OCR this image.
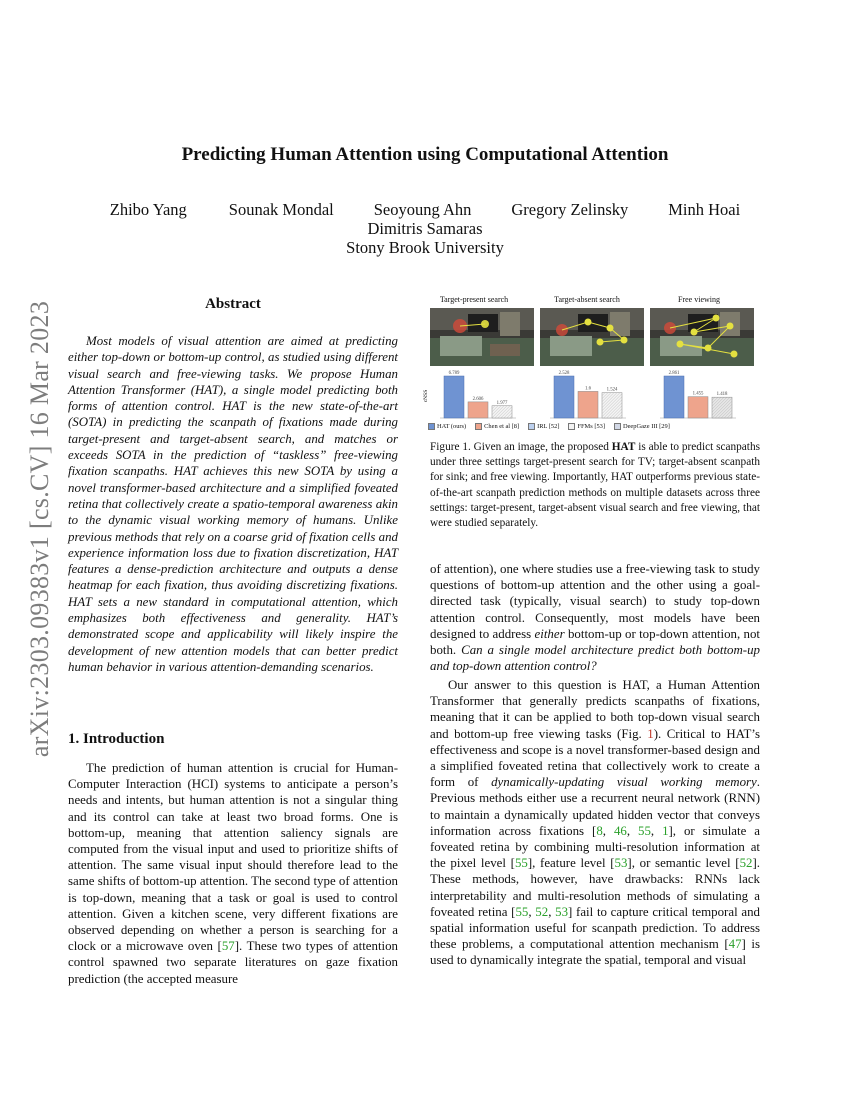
arXiv:2303.09383v1 [cs.CV] 16 Mar 2023
Predicting Human Attention using Computational Attention
Zhibo Yang	Sounak Mondal Seoyoung Ahn Gregory Zelinsky Minh Hoai
Dimitris Samaras
Stony Brook University
Abstract

Most models of visual attention are aimed at predicting either top-down or bottom-up control, as studied using different visual search and free-viewing tasks. We propose Human Attention Transformer (HAT), a single model predicting both forms of attention control. HAT is the new state-of-the-art (SOTA) in predicting the scanpath of fixations made during target-present and target-absent search, and matches or exceeds SOTA in the prediction of “taskless” free-viewing fixation scanpaths. HAT achieves this new SOTA by using a novel transformer-based architecture and a simplified foveated retina that collectively create a spatio-temporal awareness akin to the dynamic visual working memory of humans. Unlike previous methods that rely on a coarse grid of fixation cells and experience information loss due to fixation discretization, HAT features a dense-prediction architecture and outputs a dense heatmap for each fixation, thus avoiding discretizing fixations. HAT sets a new standard in computational attention, which emphasizes both effectiveness and generality. HAT’s demonstrated scope and applicability will likely inspire the development of new attention models that can better predict human behavior in various attention-demanding scenarios.

1. Introduction

The prediction of human attention is crucial for Human-Computer Interaction (HCI) systems to anticipate a person’s needs and intents, but human attention is not a singular thing and its control can take at least two broad forms. One is bottom-up, meaning that attention saliency signals are computed from the visual input and used to prioritize shifts of attention. The same visual input should therefore lead to the same shifts of bottom-up attention. The second type of attention is top-down, meaning that a task or goal is used to control attention. Given a kitchen scene, very different fixations are observed depending on whether a person is searching for a clock or a microwave oven [57]. These two types of attention control spawned two separate literatures on gaze fixation prediction (the accepted measure

Target-present search	Target-absent search	Free viewing
cNSS
6.789
2.606
1.977
2.528
1.6	1.524
2.861
1.455	1.418
HAT (ours)	Chen et al [8]	IRL [52]	FFMs [53]	DeepGaze III [29]

Figure 1. Given an image, the proposed HAT is able to predict scanpaths under three settings target-present search for TV; target-absent scanpath for sink; and free viewing. Importantly, HAT outperforms previous state-of-the-art scanpath prediction methods on multiple datasets across three settings: target-present, target-absent visual search and free viewing, that were studied separately.

of attention), one where studies use a free-viewing task to study questions of bottom-up attention and the other using a goal-directed task (typically, visual search) to study top-down attention control. Consequently, most models have been designed to address either bottom-up or top-down attention, not both. Can a single model architecture predict both bottom-up and top-down attention control?

Our answer to this question is HAT, a Human Attention Transformer that generally predicts scanpaths of fixations, meaning that it can be applied to both top-down visual search and bottom-up free viewing tasks (Fig. 1). Critical to HAT’s effectiveness and scope is a novel transformer-based design and a simplified foveated retina that collectively work to create a form of dynamically-updating visual working memory. Previous methods either use a recurrent neural network (RNN) to maintain a dynamically updated hidden vector that conveys information across fixations [8, 46, 55, 1], or simulate a foveated retina by combining multi-resolution information at the pixel level [55], feature level [53], or semantic level [52]. These methods, however, have drawbacks: RNNs lack interpretability and multi-resolution methods of simulating a foveated retina [55, 52, 53] fail to capture critical temporal and spatial information useful for scanpath prediction. To address these problems, a computational attention mechanism [47] is used to dynamically integrate the spatial, temporal and visual
